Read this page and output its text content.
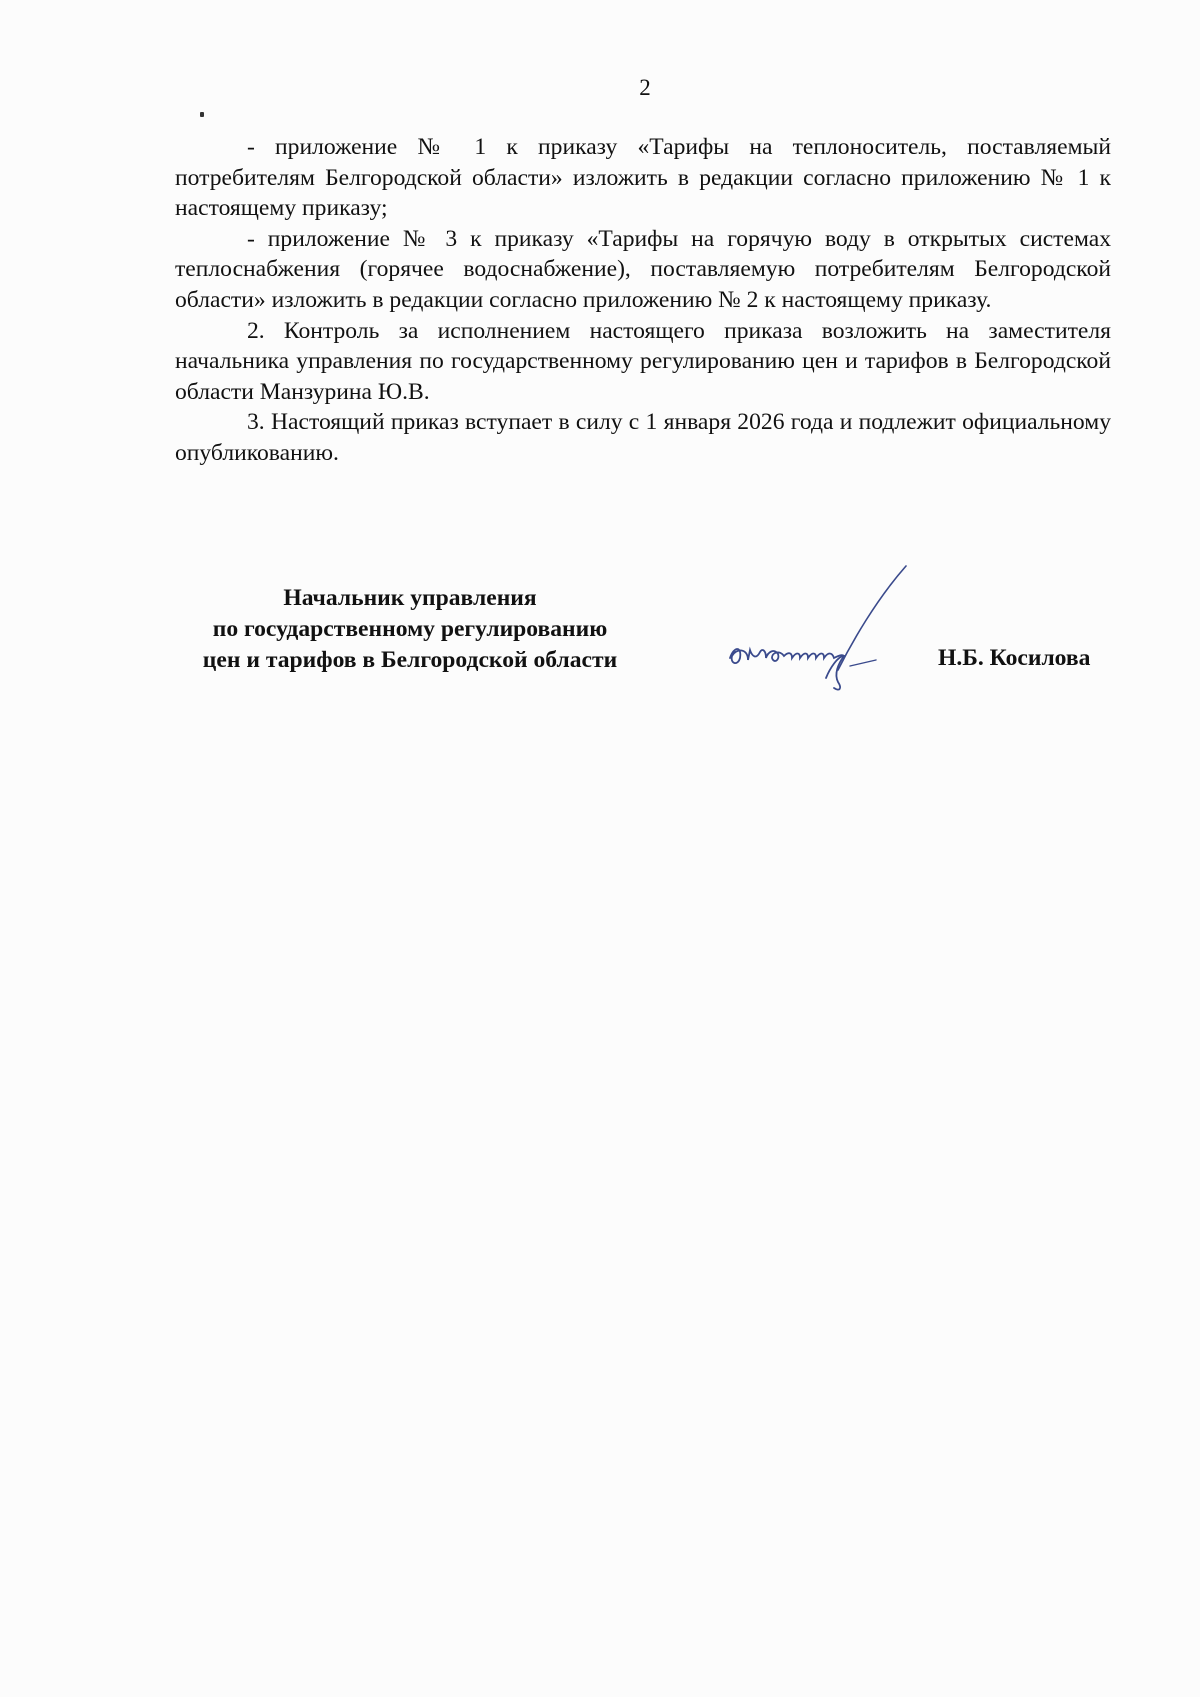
2

- приложение № 1 к приказу «Тарифы на теплоноситель, поставляемый потребителям Белгородской области» изложить в редакции согласно приложению № 1 к настоящему приказу;

- приложение № 3 к приказу «Тарифы на горячую воду в открытых системах теплоснабжения (горячее водоснабжение), поставляемую потребителям Белгородской области» изложить в редакции согласно приложению № 2 к настоящему приказу.

2. Контроль за исполнением настоящего приказа возложить на заместителя начальника управления по государственному регулированию цен и тарифов в Белгородской области Манзурина Ю.В.

3. Настоящий приказ вступает в силу с 1 января 2026 года и подлежит официальному опубликованию.

Начальник управления
по государственному регулированию
цен и тарифов в Белгородской области	Н.Б. Косилова
